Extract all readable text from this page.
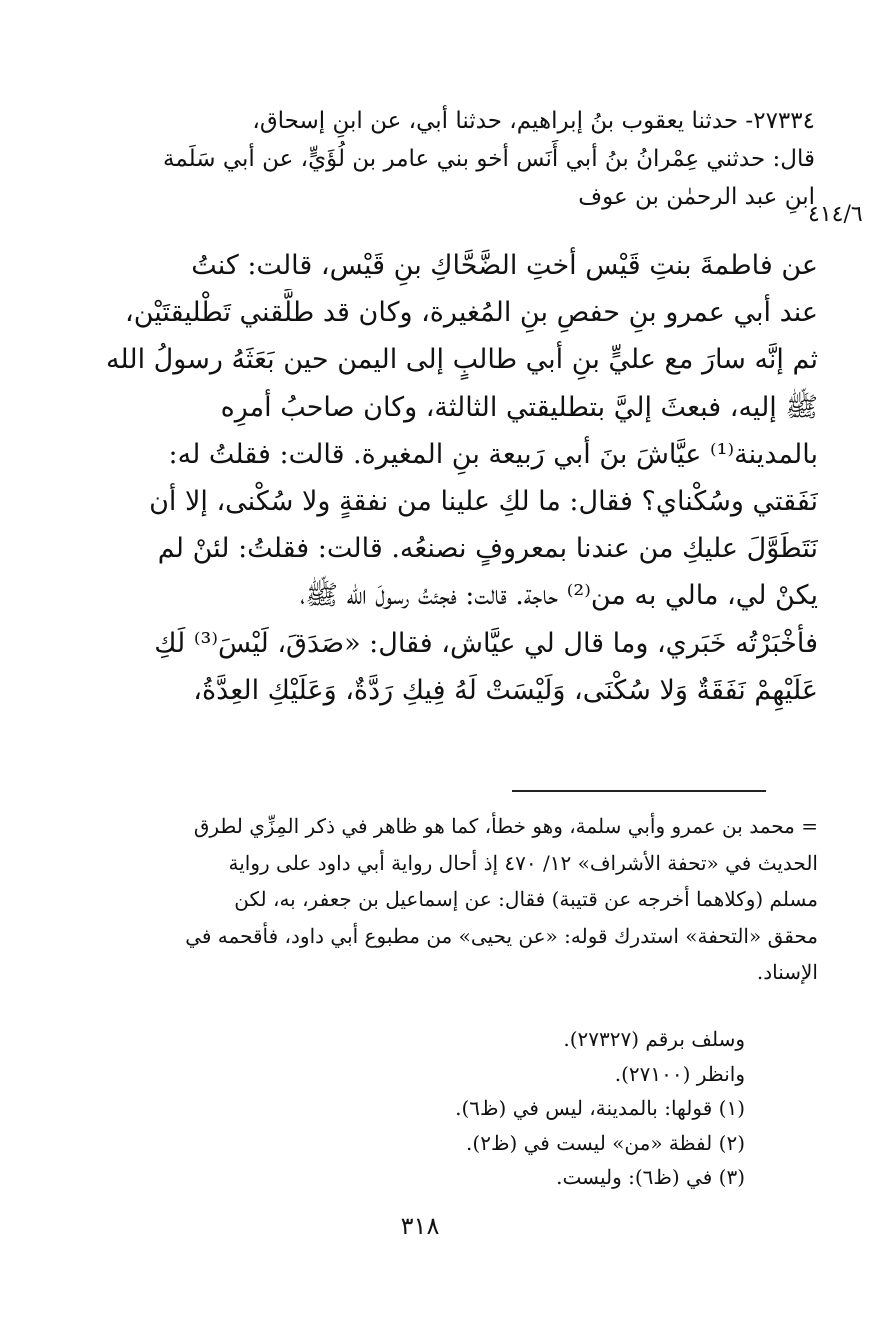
٢٧٣٣٤- حدثنا يعقوب بنُ إبراهيم، حدثنا أبي، عن ابنِ إسحاق،
قال: حدثني عِمْرانُ بنُ أبي أَنَس أخو بني عامر بن لُؤَيٍّ، عن أبي سَلَمة
ابنِ عبد الرحمٰن بن عوف
٤١٤/٦
عن فاطمةَ بنتِ قَيْس أختِ الضَّحَّاكِ بنِ قَيْس، قالت: كنتُ
عند أبي عمرو بنِ حفصِ بنِ المُغيرة، وكان قد طلَّقني تَطْليقتَيْن،
ثم إنَّه سارَ مع عليٍّ بنِ أبي طالبٍ إلى اليمن حين بَعَثَهُ رسولُ الله
ﷺ إليه، فبعثَ إليَّ بتطليقتي الثالثة، وكان صاحبُ أمرِه
بالمدينة⁽¹⁾ عيَّاشَ بنَ أبي رَبيعة بنِ المغيرة. قالت: فقلتُ له:
نَفَقتي وسُكْناي؟ فقال: ما لكِ علينا من نفقةٍ ولا سُكْنى، إلا أن
نَتَطَوَّلَ عليكِ من عندنا بمعروفٍ نصنعُه. قالت: فقلتُ: لئنْ لم
يكنْ لي، مالي به من⁽²⁾ حاجة. قالت: فجئتُ رسولَ الله ﷺ،
فأخْبَرْتُه خَبَري، وما قال لي عيَّاش، فقال: «صَدَقَ، لَيْسَ⁽³⁾ لَكِ
عَلَيْهِمْ نَفَقَةٌ وَلا سُكْنَى، وَلَيْسَتْ لَهُ فِيكِ رَدَّةٌ، وَعَلَيْكِ العِدَّةُ،
= محمد بن عمرو وأبي سلمة، وهو خطأ، كما هو ظاهر في ذكر المِزِّي لطرق
الحديث في «تحفة الأشراف» ١٢/ ٤٧٠ إذ أحال رواية أبي داود على رواية
مسلم (وكلاهما أخرجه عن قتيبة) فقال: عن إسماعيل بن جعفر، به، لكن
محقق «التحفة» استدرك قوله: «عن يحيى» من مطبوع أبي داود، فأقحمه في
الإسناد.
وسلف برقم (٢٧٣٢٧).
وانظر (٢٧١٠٠).
(١) قولها: بالمدينة، ليس في (ظ٦).
(٢) لفظة «من» ليست في (ظ٢).
(٣) في (ظ٦): وليست.
٣١٨
